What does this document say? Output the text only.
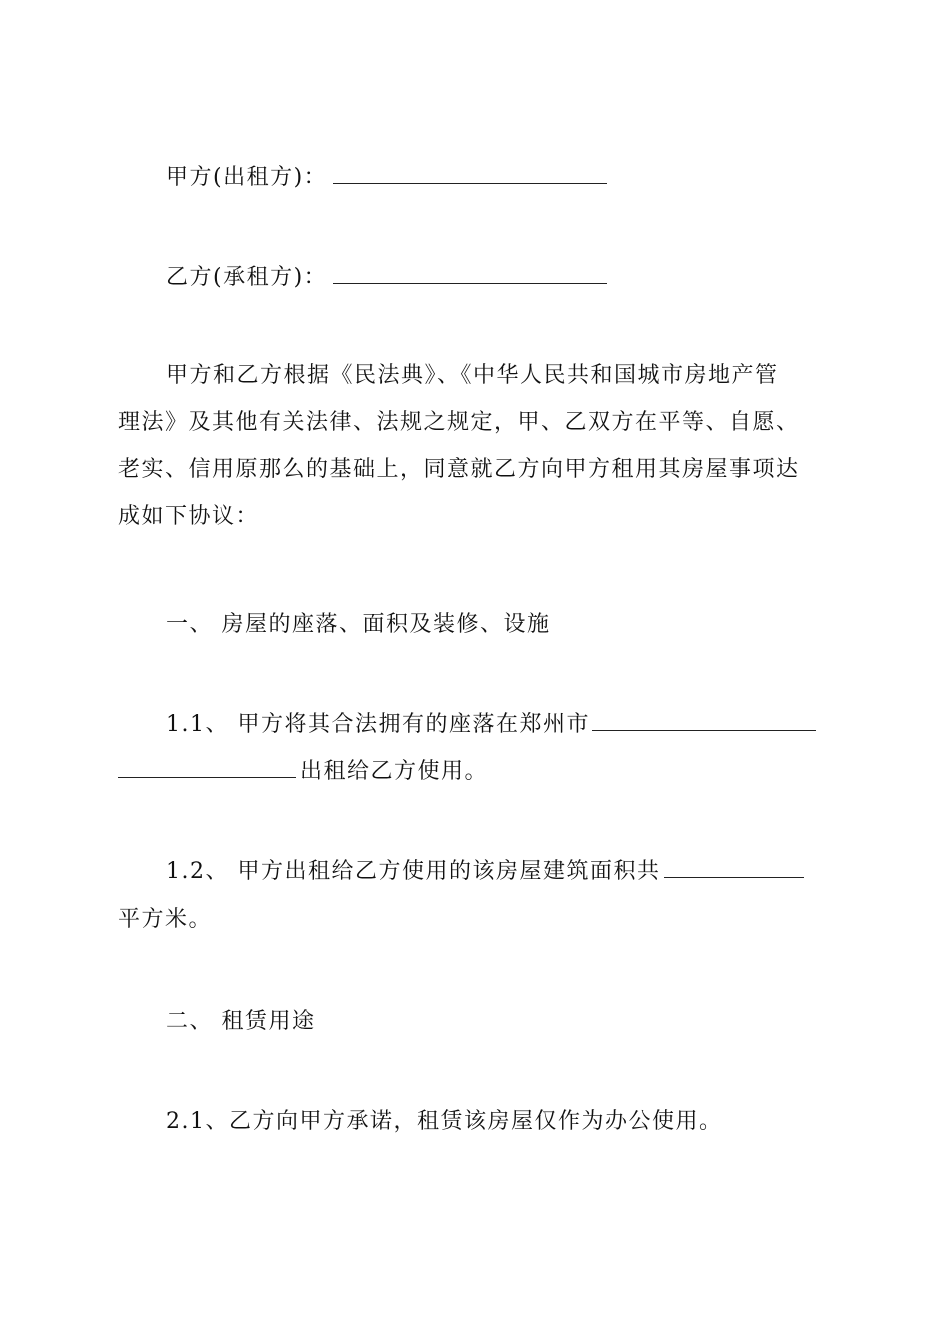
甲方(出租方)：
乙方(承租方)：
甲方和乙方根据《民法典》、《中华人民共和国城市房地产管
理法》及其他有关法律、法规之规定，甲、乙双方在平等、自愿、
老实、信用原那么的基础上，同意就乙方向甲方租用其房屋事项达
成如下协议：
一、 房屋的座落、面积及装修、设施
1.1、 甲方将其合法拥有的座落在郑州市
出租给乙方使用。
1.2、 甲方出租给乙方使用的该房屋建筑面积共
平方米。
二、 租赁用途
2.1、乙方向甲方承诺，租赁该房屋仅作为办公使用。
